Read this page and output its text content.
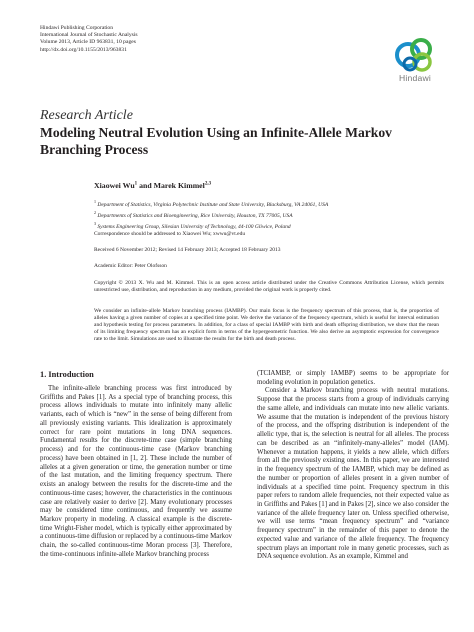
Hindawi Publishing Corporation
International Journal of Stochastic Analysis
Volume 2013, Article ID 963831, 10 pages
http://dx.doi.org/10.1155/2013/963831
Hindawi
Research Article
Modeling Neutral Evolution Using an Infinite-Allele Markov Branching Process
Xiaowei Wu$^1$ and Marek Kimmel$^{2,3}$
$^1$ Department of Statistics, Virginia Polytechnic Institute and State University, Blacksburg, VA 24061, USA
$^2$ Departments of Statistics and Bioengineering, Rice University, Houston, TX 77005, USA
$^3$ Systems Engineering Group, Silesian University of Technology, 44-100 Gliwice, Poland
Correspondence should be addressed to Xiaowei Wu; xwwu@vt.edu
Received 6 November 2012; Revised 14 February 2013; Accepted 18 February 2013
Academic Editor: Peter Olofsson
Copyright © 2013 X. Wu and M. Kimmel. This is an open access article distributed under the Creative Commons Attribution License, which permits unrestricted use, distribution, and reproduction in any medium, provided the original work is properly cited.
We consider an infinite-allele Markov branching process (IAMBP). Our main focus is the frequency spectrum of this process, that is, the proportion of alleles having a given number of copies at a specified time point. We derive the variance of the frequency spectrum, which is useful for interval estimation and hypothesis testing for process parameters. In addition, for a class of special IAMBP with birth and death offspring distribution, we show that the mean of its limiting frequency spectrum has an explicit form in terms of the hypergeometric function. We also derive an asymptotic expression for convergence rate to the limit. Simulations are used to illustrate the results for the birth and death process.
1. Introduction

The infinite-allele branching process was first introduced by Griffiths and Pakes [1]. As a special type of branching process, this process allows individuals to mutate into infinitely many allelic variants, each of which is “new” in the sense of being different from all previously existing variants. This idealization is approximately correct for rare point mutations in long DNA sequences. Fundamental results for the discrete-time case (simple branching process) and for the continuous-time case (Markov branching process) have been obtained in [1, 2]. These include the number of alleles at a given generation or time, the generation number or time of the last mutation, and the limiting frequency spectrum. There exists an analogy between the results for the discrete-time and the continuous-time cases; however, the characteristics in the continuous case are relatively easier to derive [2]. Many evolutionary processes may be considered time continuous, and frequently we assume Markov property in modeling. A classical example is the discrete-time Wright-Fisher model, which is typically either approximated by a continuous-time diffusion or replaced by a continuous-time Markov chain, the so-called continuous-time Moran process [3]. Therefore, the time-continuous infinite-allele Markov branching process

(TCIAMBP, or simply IAMBP) seems to be appropriate for modeling evolution in population genetics.

Consider a Markov branching process with neutral mutations. Suppose that the process starts from a group of individuals carrying the same allele, and individuals can mutate into new allelic variants. We assume that the mutation is independent of the previous history of the process, and the offspring distribution is independent of the allelic type, that is, the selection is neutral for all alleles. The process can be described as an “infinitely-many-alleles” model (IAM). Whenever a mutation happens, it yields a new allele, which differs from all the previously existing ones. In this paper, we are interested in the frequency spectrum of the IAMBP, which may be defined as the number or proportion of alleles present in a given number of individuals at a specified time point. Frequency spectrum in this paper refers to random allele frequencies, not their expected value as in Griffiths and Pakes [1] and in Pakes [2], since we also consider the variance of the allele frequency later on. Unless specified otherwise, we will use terms “mean frequency spectrum” and “variance frequency spectrum” in the remainder of this paper to denote the expected value and variance of the allele frequency. The frequency spectrum plays an important role in many genetic processes, such as DNA sequence evolution. As an example, Kimmel and
